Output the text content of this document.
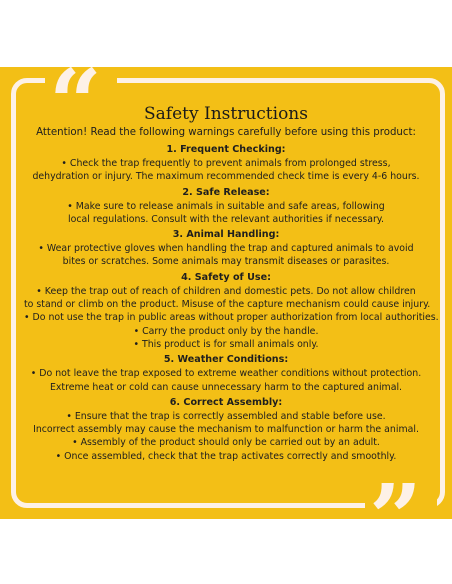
“
”
Safety Instructions
Attention! Read the following warnings carefully before using this product:
1. Frequent Checking:
• Check the trap frequently to prevent animals from prolonged stress,
dehydration or injury. The maximum recommended check time is every 4-6 hours.
2. Safe Release:
• Make sure to release animals in suitable and safe areas, following
local regulations. Consult with the relevant authorities if necessary.
3. Animal Handling:
• Wear protective gloves when handling the trap and captured animals to avoid
bites or scratches. Some animals may transmit diseases or parasites.
4. Safety of Use:
• Keep the trap out of reach of children and domestic pets. Do not allow children
to stand or climb on the product. Misuse of the capture mechanism could cause injury.
• Do not use the trap in public areas without proper authorization from local authorities.
• Carry the product only by the handle.
• This product is for small animals only.
5. Weather Conditions:
• Do not leave the trap exposed to extreme weather conditions without protection.
Extreme heat or cold can cause unnecessary harm to the captured animal.
6. Correct Assembly:
• Ensure that the trap is correctly assembled and stable before use.
Incorrect assembly may cause the mechanism to malfunction or harm the animal.
• Assembly of the product should only be carried out by an adult.
• Once assembled, check that the trap activates correctly and smoothly.
